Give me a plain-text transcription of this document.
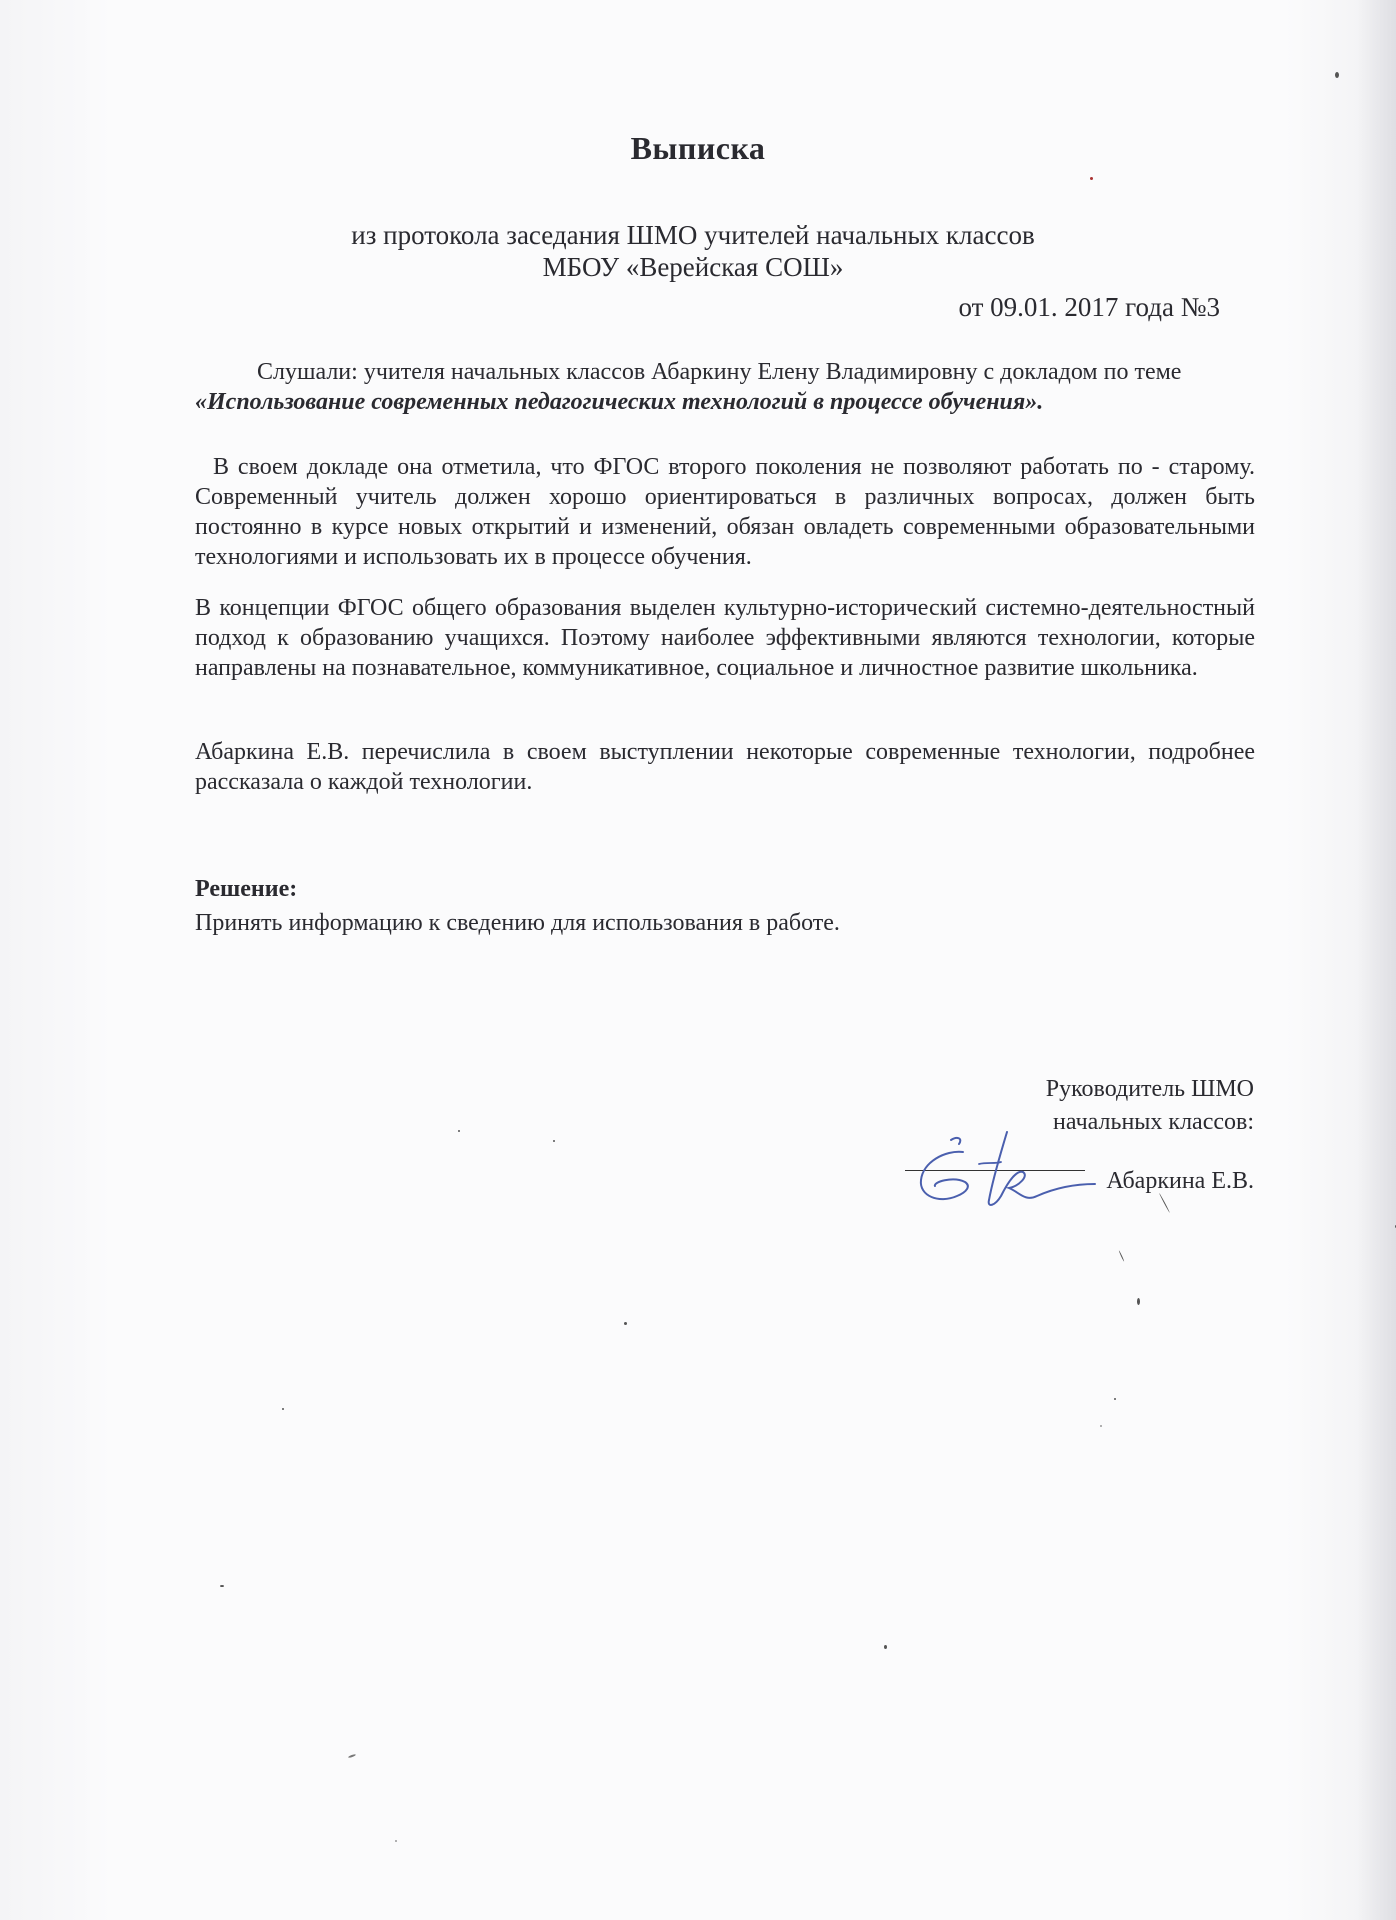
Выписка
из протокола заседания ШМО учителей начальных классов
МБОУ «Верейская СОШ»
от 09.01. 2017 года №3
Слушали: учителя начальных классов Абаркину Елену Владимировну с докладом по теме «Использование современных педагогических технологий в процессе обучения».
В своем докладе она отметила, что ФГОС второго поколения не позволяют работать по - старому. Современный учитель должен хорошо ориентироваться в различных вопросах, должен быть постоянно в курсе новых открытий и изменений, обязан овладеть современными образовательными технологиями и использовать их в процессе обучения.
В концепции ФГОС общего образования выделен культурно-исторический системно-деятельностный подход к образованию учащихся. Поэтому наиболее эффективными являются технологии, которые направлены на познавательное, коммуникативное, социальное и личностное развитие школьника.
Абаркина Е.В. перечислила в своем выступлении некоторые современные технологии, подробнее рассказала о каждой технологии.
Решение:
Принять информацию к сведению для использования в работе.
Руководитель ШМО
начальных классов:
Абаркина Е.В.
